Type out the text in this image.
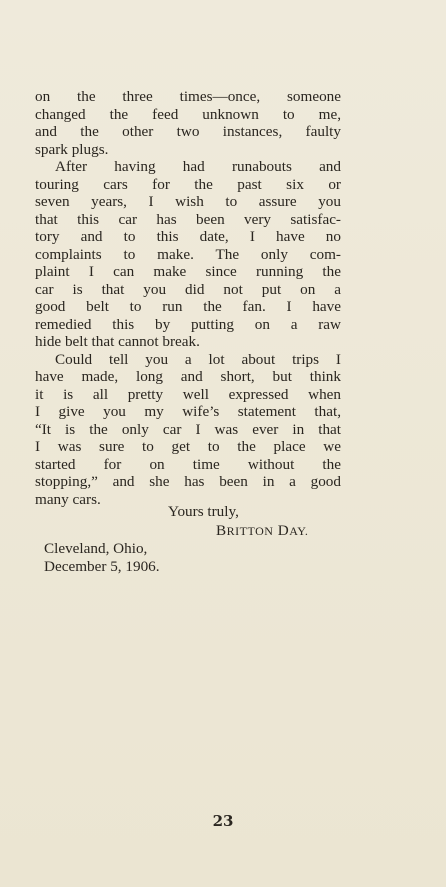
on the three times—once, someone
changed the feed unknown to me,
and the other two instances, faulty
spark plugs.
After having had runabouts and
touring cars for the past six or
seven years, I wish to assure you
that this car has been very satisfac-
tory and to this date, I have no
complaints to make. The only com-
plaint I can make since running the
car is that you did not put on a
good belt to run the fan. I have
remedied this by putting on a raw
hide belt that cannot break.
Could tell you a lot about trips I
have made, long and short, but think
it is all pretty well expressed when
I give you my wife’s statement that,
“It is the only car I was ever in that
I was sure to get to the place we
started for on time without the
stopping,” and she has been in a good
many cars.
Yours truly,
BRITTON DAY.
Cleveland, Ohio,
December 5, 1906.
23
